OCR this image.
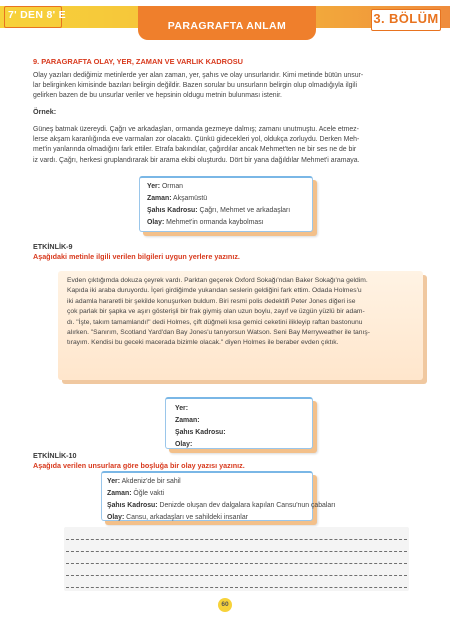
7' DEN 8' E
PARAGRAFTA ANLAM	3. BÖLÜM
9. PARAGRAFTA OLAY, YER, ZAMAN VE VARLIK KADROSU
Olay yazıları dediğimiz metinlerde yer alan zaman, yer, şahıs ve olay unsurlarıdır. Kimi metinde bütün unsur-
lar belirginken kimisinde bazıları belirgin değildir. Bazen sorular bu unsurların belirgin olup olmadığıyla ilgili
gelirken bazen de bu unsurlar veriler ve hepsinin oldugu metnin bulunması istenir.
Örnek:
Güneş batmak üzereydi. Çağrı ve arkadaşları, ormanda gezmeye dalmış; zamanı unutmuştu. Acele etmez-
lerse akşam karanlığında eve varmaları zor olacaktı. Çünkü gidecekleri yol, oldukça zorluydu. Derken Meh-
met'in yanlarında olmadığını fark ettiler. Etrafa bakındılar, çağırdılar ancak Mehmet'ten ne bir ses ne de bir
iz vardı. Çağrı, herkesi gruplandırarak bir arama ekibi oluşturdu. Dört bir yana dağıldılar Mehmet'i aramaya.
Yer: Orman
Zaman: Akşamüstü
Şahıs Kadrosu: Çağrı, Mehmet ve arkadaşları
Olay: Mehmet'in ormanda kaybolması
ETKİNLİK-9
Aşağıdaki metinle ilgili verilen bilgileri uygun yerlere yazınız.
Evden çıktığımda dokuza çeyrek vardı. Parktan geçerek Oxford Sokağı'ndan Baker Sokağı'na geldim.
Kapıda iki araba duruyordu. İçeri girdiğimde yukarıdan seslerin geldiğini fark ettim. Odada Holmes'u
iki adamla hararetli bir şekilde konuşurken buldum. Biri resmi polis dedektifi Peter Jones diğeri ise
çok parlak bir şapka ve aşırı gösterişli bir frak giymiş olan uzun boylu, zayıf ve üzgün yüzlü bir adam-
dı. "İşte, takım tamamlandı!" dedi Holmes, çift düğmeli kısa gemici ceketini ilikleyip raftan bastonunu
alırken. "Sanırım, Scotland Yard'dan Bay Jones'u tanıyorsun Watson. Seni Bay Merryweather ile tanış-
tırayım. Kendisi bu geceki macerada bizimle olacak." diyen Holmes ile beraber evden çıktık.
Yer:
Zaman:
Şahıs Kadrosu:
Olay:
ETKİNLİK-10
Aşağıda verilen unsurlara göre boşluğa bir olay yazısı yazınız.
Yer: Akdeniz'de bir sahil
Zaman: Öğle vakti
Şahıs Kadrosu: Denizde oluşan dev dalgalara kapılan Cansu'nun çabaları
Olay: Cansu, arkadaşları ve sahildeki insanlar
60
